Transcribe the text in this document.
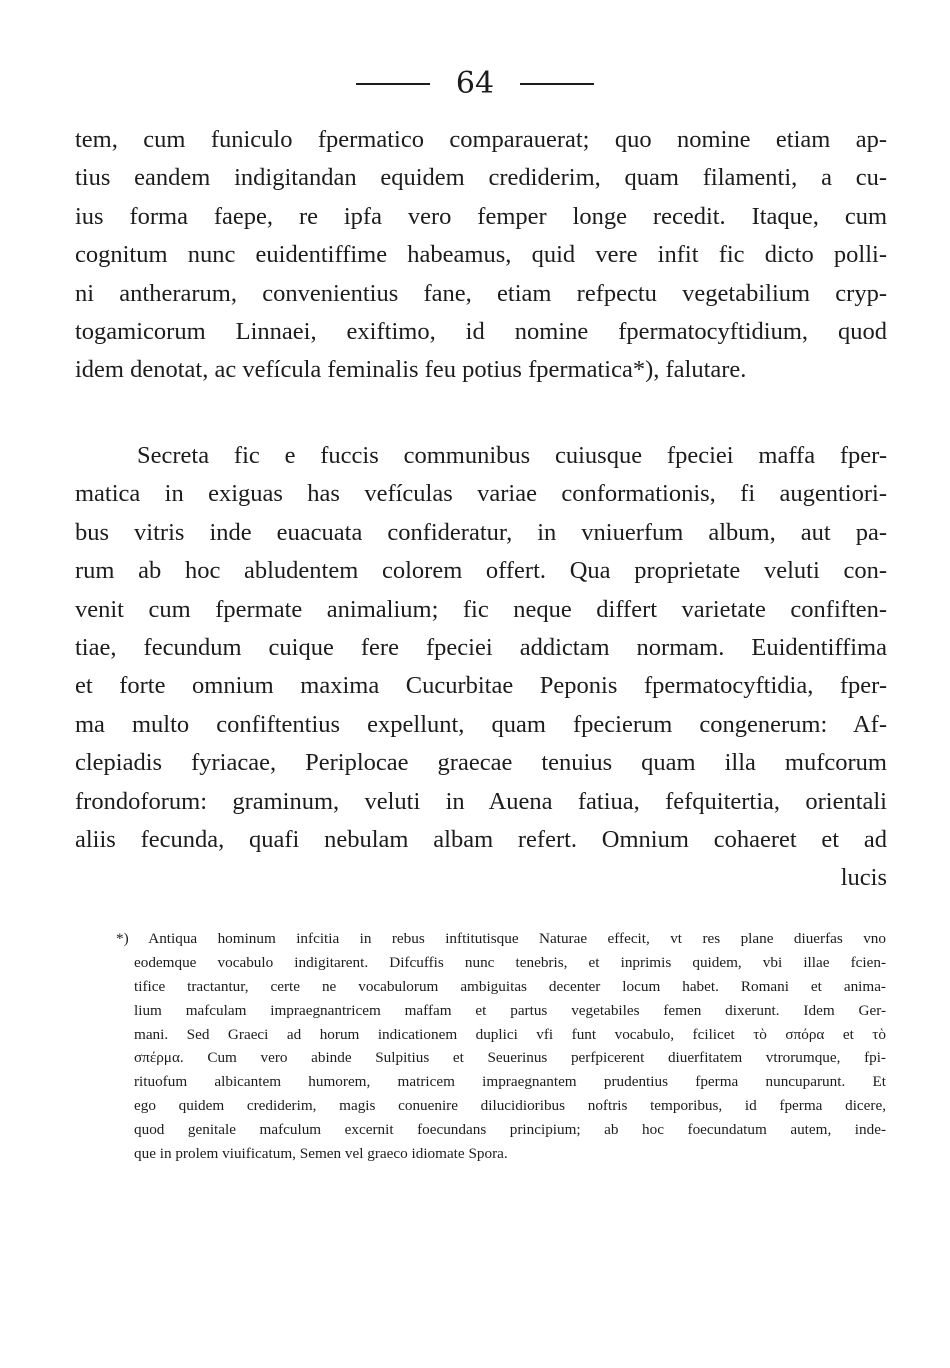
64
tem, cum funiculo fpermatico comparauerat; quo nomine etiam ap-
tius eandem indigitandan equidem crediderim, quam filamenti, a cu-
ius forma faepe, re ipfa vero femper longe recedit. Itaque, cum
cognitum nunc euidentiffime habeamus, quid vere infit fic dicto polli-
ni antherarum, convenientius fane, etiam refpectu vegetabilium cryp-
togamicorum Linnaei, exiftimo, id nomine fpermatocyftidium, quod
idem denotat, ac vefícula feminalis feu potius fpermatica*), falutare.
Secreta fic e fuccis communibus cuiusque fpeciei maffa fper-
matica in exiguas has vefículas variae conformationis, fi augentiori-
bus vitris inde euacuata confideratur, in vniuerfum album, aut pa-
rum ab hoc abludentem colorem offert. Qua proprietate veluti con-
venit cum fpermate animalium; fic neque differt varietate confiften-
tiae, fecundum cuique fere fpeciei addictam normam. Euidentiffima
et forte omnium maxima Cucurbitae Peponis fpermatocyftidia, fper-
ma multo confiftentius expellunt, quam fpecierum congenerum: Af-
clepiadis fyriacae, Periplocae graecae tenuius quam illa mufcorum
frondoforum: graminum, veluti in Auena fatiua, fefquitertia, orientali
aliis fecunda, quafi nebulam albam refert. Omnium cohaeret et ad
lucis
*) Antiqua hominum infcitia in rebus inftitutisque Naturae effecit, vt res plane diuerfas vno
eodemque vocabulo indigitarent. Difcuffis nunc tenebris, et inprimis quidem, vbi illae fcien-
tifice tractantur, certe ne vocabulorum ambiguitas decenter locum habet. Romani et anima-
lium mafculam impraegnantricem maffam et partus vegetabiles femen dixerunt. Idem Ger-
mani. Sed Graeci ad horum indicationem duplici vfi funt vocabulo, fcilicet τὸ σπόρα et τὸ
σπέρμα. Cum vero abinde Sulpitius et Seuerinus perfpicerent diuerfitatem vtrorumque, fpi-
rituofum albicantem humorem, matricem impraegnantem prudentius fperma nuncuparunt. Et
ego quidem crediderim, magis conuenire dilucidioribus noftris temporibus, id fperma dicere,
quod genitale mafculum excernit foecundans principium; ab hoc foecundatum autem, inde-
que in prolem viuificatum, Semen vel graeco idiomate Spora.
